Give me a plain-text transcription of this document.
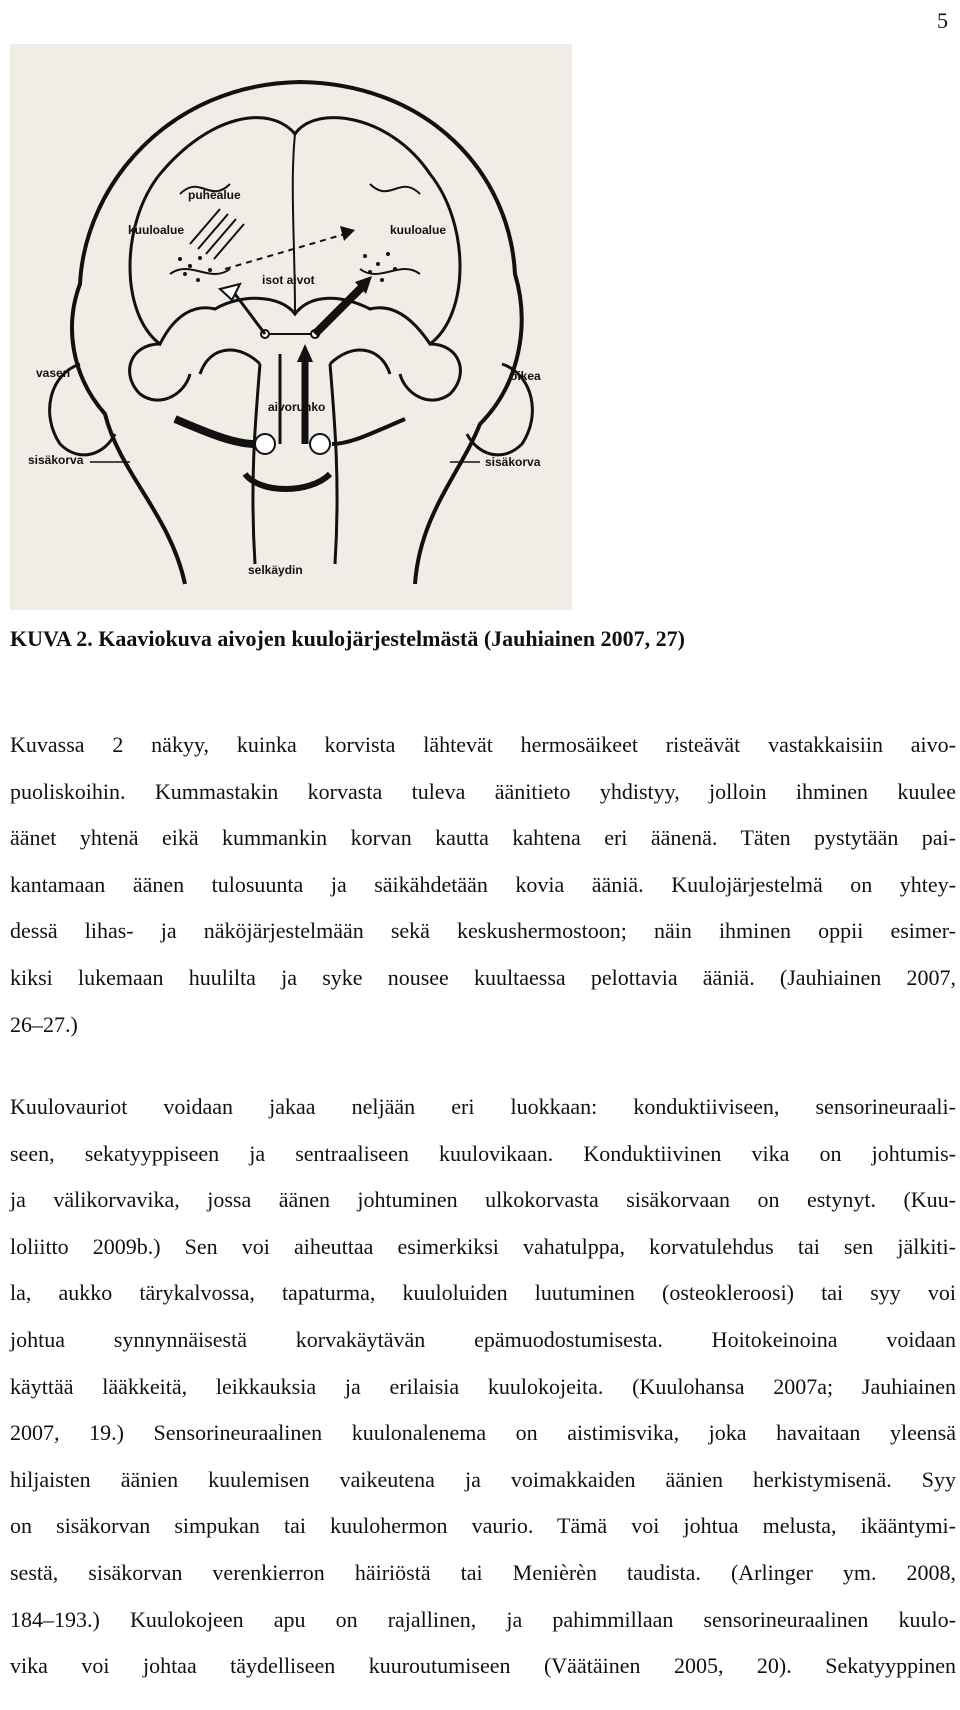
5
puhealue
kuuloalue	kuuloalue
isot aivot
vasen	oikea
aivorunko
sisäkorva	sisäkorva
selkäydin
KUVA 2. Kaaviokuva aivojen kuulojärjestelmästä (Jauhiainen 2007, 27)
Kuvassa 2 näkyy, kuinka korvista lähtevät hermosäikeet risteävät vastakkaisiin aivo-
puoliskoihin. Kummastakin korvasta tuleva äänitieto yhdistyy, jolloin ihminen kuulee
äänet yhtenä eikä kummankin korvan kautta kahtena eri äänenä. Täten pystytään pai-
kantamaan äänen tulosuunta ja säikähdetään kovia ääniä. Kuulojärjestelmä on yhtey-
dessä lihas- ja näköjärjestelmään sekä keskushermostoon; näin ihminen oppii esimer-
kiksi lukemaan huulilta ja syke nousee kuultaessa pelottavia ääniä. (Jauhiainen 2007,
26–27.)
Kuulovauriot voidaan jakaa neljään eri luokkaan: konduktiiviseen, sensorineuraali-
seen, sekatyyppiseen ja sentraaliseen kuulovikaan. Konduktiivinen vika on johtumis-
ja välikorvavika, jossa äänen johtuminen ulkokorvasta sisäkorvaan on estynyt. (Kuu-
loliitto 2009b.) Sen voi aiheuttaa esimerkiksi vahatulppa, korvatulehdus tai sen jälkiti-
la, aukko tärykalvossa, tapaturma, kuuloluiden luutuminen (osteokleroosi) tai syy voi
johtua synnynnäisestä korvakäytävän epämuodostumisesta. Hoitokeinoina voidaan
käyttää lääkkeitä, leikkauksia ja erilaisia kuulokojeita. (Kuulohansa 2007a; Jauhiainen
2007, 19.) Sensorineuraalinen kuulonalenema on aistimisvika, joka havaitaan yleensä
hiljaisten äänien kuulemisen vaikeutena ja voimakkaiden äänien herkistymisenä. Syy
on sisäkorvan simpukan tai kuulohermon vaurio. Tämä voi johtua melusta, ikääntymi-
sestä, sisäkorvan verenkierron häiriöstä tai Menièrèn taudista. (Arlinger ym. 2008,
184–193.) Kuulokojeen apu on rajallinen, ja pahimmillaan sensorineuraalinen kuulo-
vika voi johtaa täydelliseen kuuroutumiseen (Väätäinen 2005, 20). Sekatyyppinen
